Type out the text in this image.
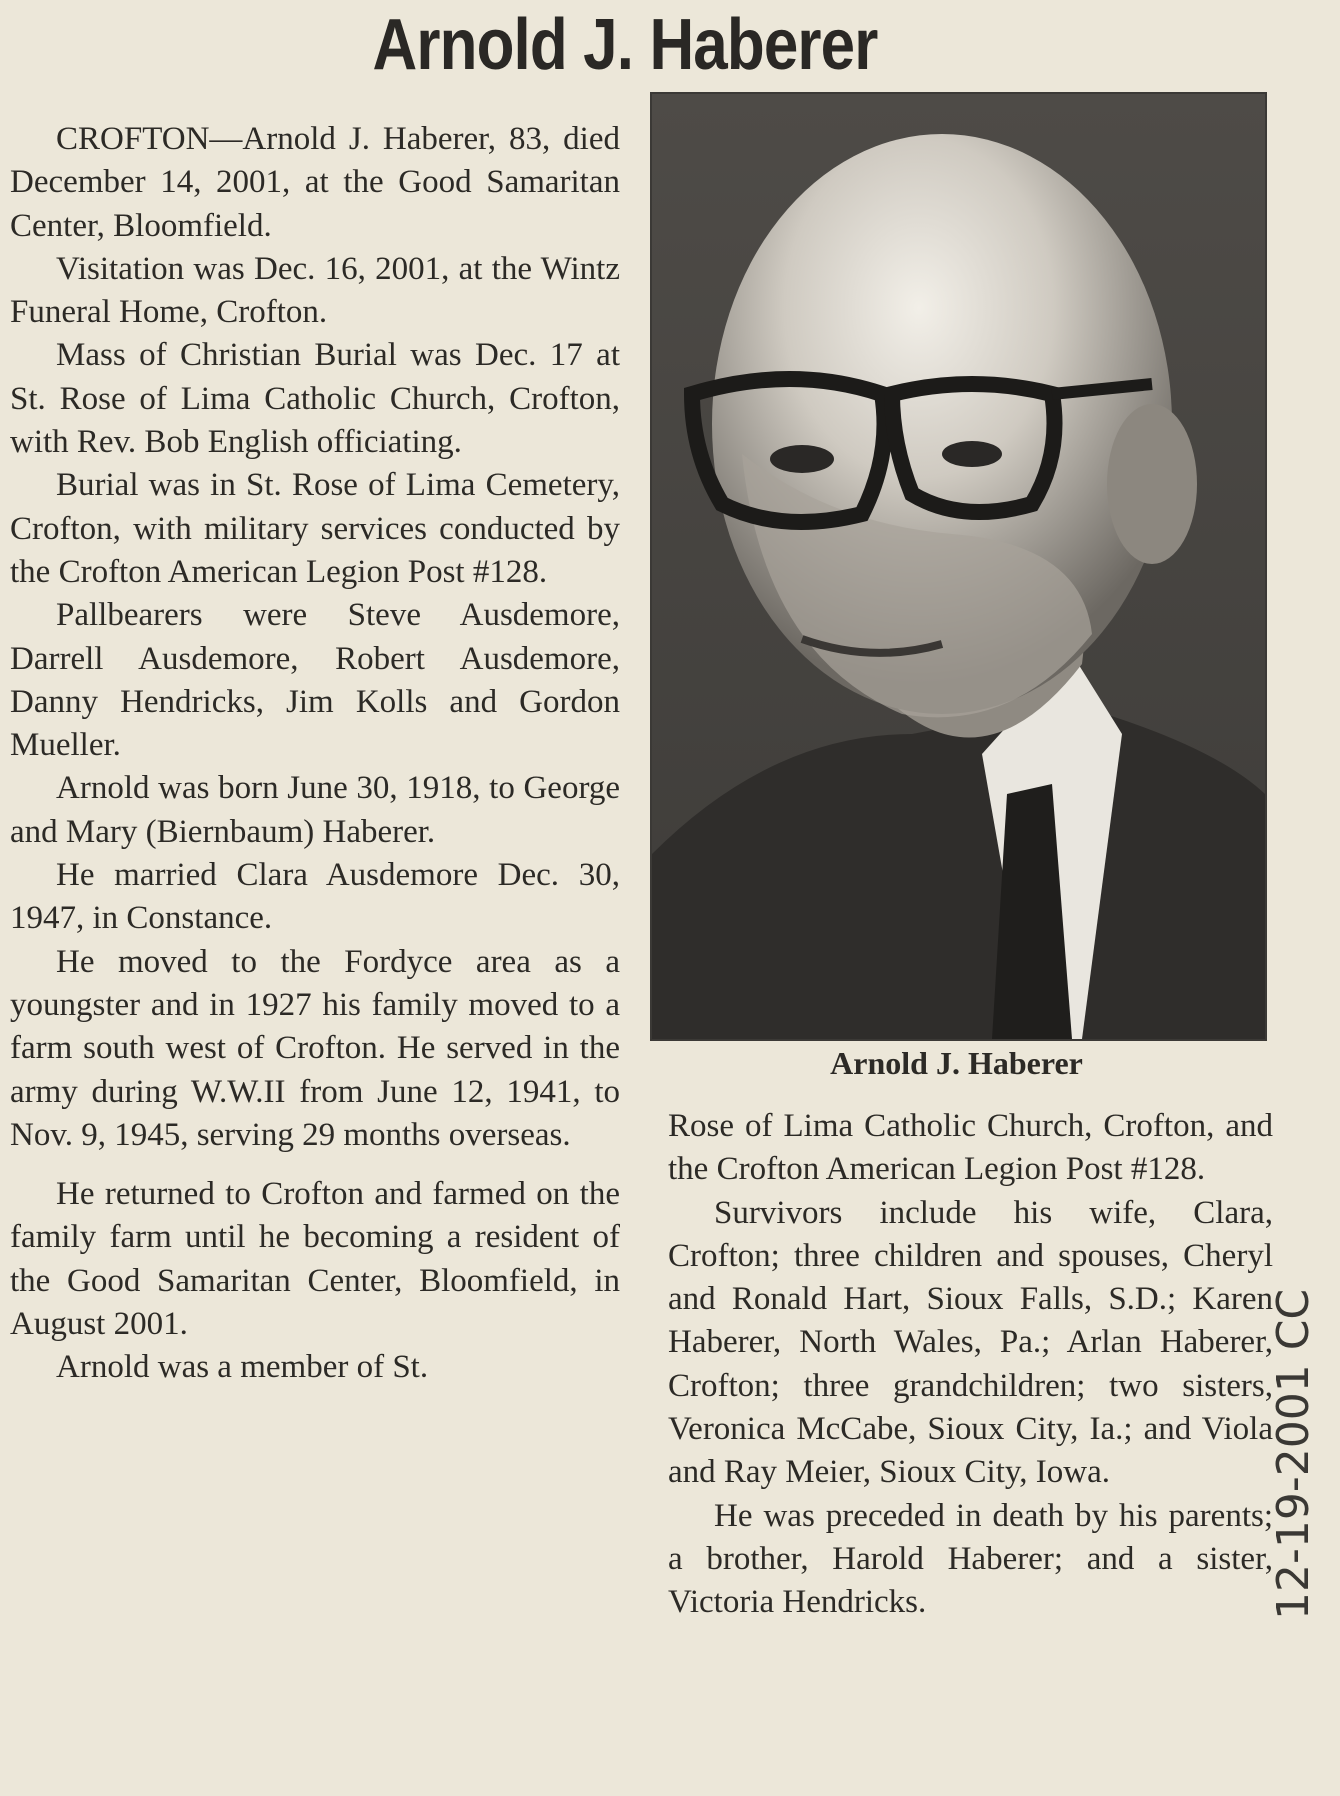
Arnold J. Haberer

CROFTON—Arnold J. Haberer, 83, died December 14, 2001, at the Good Samaritan Center, Bloomfield.

Visitation was Dec. 16, 2001, at the Wintz Funeral Home, Crofton.

Mass of Christian Burial was Dec. 17 at St. Rose of Lima Catholic Church, Crofton, with Rev. Bob English officiating.

Burial was in St. Rose of Lima Cemetery, Crofton, with military services conducted by the Crofton American Legion Post #128.

Pallbearers were Steve Ausdemore, Darrell Ausdemore, Robert Ausdemore, Danny Hendricks, Jim Kolls and Gordon Mueller.

Arnold was born June 30, 1918, to George and Mary (Biernbaum) Haberer.

He married Clara Ausdemore Dec. 30, 1947, in Constance.

He moved to the Fordyce area as a youngster and in 1927 his family moved to a farm south west of Crofton. He served in the army during W.W.II from June 12, 1941, to Nov. 9, 1945, serving 29 months overseas.

He returned to Crofton and farmed on the family farm until he becoming a resident of the Good Samaritan Center, Bloomfield, in August 2001.

Arnold was a member of St.

Arnold J. Haberer

Rose of Lima Catholic Church, Crofton, and the Crofton American Legion Post #128.

Survivors include his wife, Clara, Crofton; three children and spouses, Cheryl and Ronald Hart, Sioux Falls, S.D.; Karen Haberer, North Wales, Pa.; Arlan Haberer, Crofton; three grandchildren; two sisters, Veronica McCabe, Sioux City, Ia.; and Viola and Ray Meier, Sioux City, Iowa.

He was preceded in death by his parents; a brother, Harold Haberer; and a sister, Victoria Hendricks.	12-19-2001 CC
